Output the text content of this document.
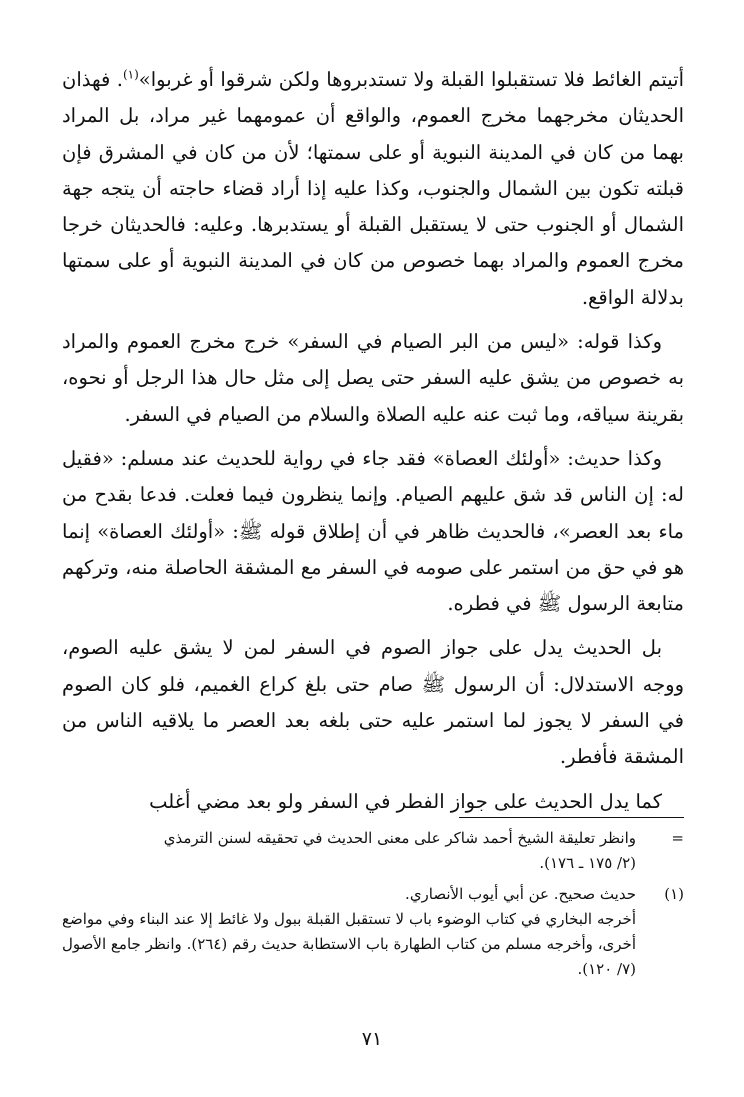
أتيتم الغائط فلا تستقبلوا القبلة ولا تستدبروها ولكن شرقوا أو غربوا»$^{(١)}$. فهذان الحديثان مخرجهما مخرج العموم، والواقع أن عمومهما غير مراد، بل المراد بهما من كان في المدينة النبوية أو على سمتها؛ لأن من كان في المشرق فإن قبلته تكون بين الشمال والجنوب، وكذا عليه إذا أراد قضاء حاجته أن يتجه جهة الشمال أو الجنوب حتى لا يستقبل القبلة أو يستدبرها. وعليه: فالحديثان خرجا مخرج العموم والمراد بهما خصوص من كان في المدينة النبوية أو على سمتها بدلالة الواقع.

وكذا قوله: «ليس من البر الصيام في السفر» خرج مخرج العموم والمراد به خصوص من يشق عليه السفر حتى يصل إلى مثل حال هذا الرجل أو نحوه، بقرينة سياقه، وما ثبت عنه عليه الصلاة والسلام من الصيام في السفر.

وكذا حديث: «أولئك العصاة» فقد جاء في رواية للحديث عند مسلم: «فقيل له: إن الناس قد شق عليهم الصيام. وإنما ينظرون فيما فعلت. فدعا بقدح من ماء بعد العصر»، فالحديث ظاهر في أن إطلاق قوله ﷺ: «أولئك العصاة» إنما هو في حق من استمر على صومه في السفر مع المشقة الحاصلة منه، وتركهم متابعة الرسول ﷺ في فطره.

بل الحديث يدل على جواز الصوم في السفر لمن لا يشق عليه الصوم، ووجه الاستدلال: أن الرسول ﷺ صام حتى بلغ كراع الغميم، فلو كان الصوم في السفر لا يجوز لما استمر عليه حتى بلغه بعد العصر ما يلاقيه الناس من المشقة فأفطر.

كما يدل الحديث على جواز الفطر في السفر ولو بعد مضي أغلب

=
وانظر تعليقة الشيخ أحمد شاكر على معنى الحديث في تحقيقه لسنن الترمذي
(٢/ ١٧٥ ـ ١٧٦).
(١)
حديث صحيح. عن أبي أيوب الأنصاري.
أخرجه البخاري في كتاب الوضوء باب لا تستقبل القبلة ببول ولا غائط إلا عند البناء وفي مواضع أخرى، وأخرجه مسلم من كتاب الطهارة باب الاستطابة حديث رقم (٢٦٤). وانظر جامع الأصول (٧/ ١٢٠).
٧١
